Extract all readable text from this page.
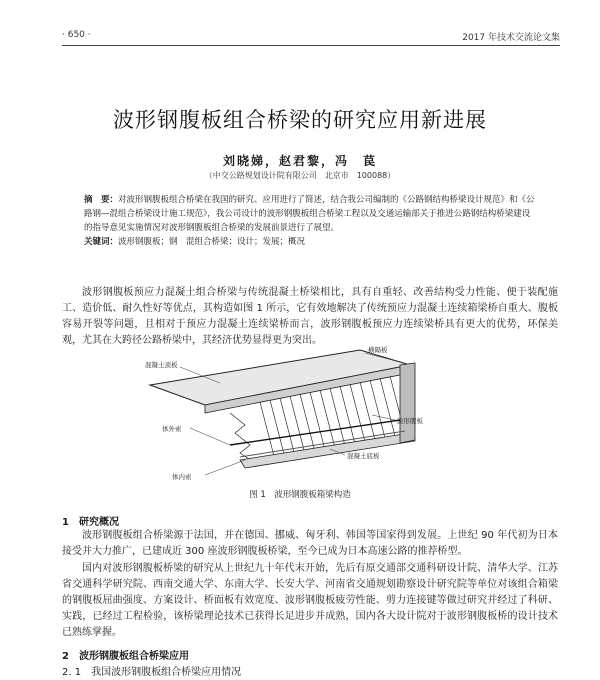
· 650 ·	2017 年技术交流论文集
波形钢腹板组合桥梁的研究应用新进展
刘晓娣，赵君黎，冯　苠
（中交公路规划设计院有限公司　北京市　100088）
摘　要：对波形钢腹板组合桥梁在我国的研究、应用进行了简述，结合我公司编制的《公路钢结构桥梁设计规范》和《公路钢—混组合桥梁设计施工规范》，我公司设计的波形钢腹板组合桥梁工程以及交通运输部关于推进公路钢结构桥梁建设的指导意见实施情况对波形钢腹板组合桥梁的发展前景进行了展望。
关键词：波形钢腹板；钢　混组合桥梁；设计；发展；概况
波形钢腹板预应力混凝土组合桥梁与传统混凝土桥梁相比，具有自重轻、改善结构受力性能、便于装配施工、造价低、耐久性好等优点，其构造如图 1 所示，它有效地解决了传统预应力混凝土连续箱梁桥自重大、腹板容易开裂等问题，且相对于预应力混凝土连续梁桥而言，波形钢腹板预应力连续梁桥具有更大的优势，环保美观，尤其在大跨径公路桥梁中，其经济优势显得更为突出。
横隔板
混凝土顶板
波形腹板
体外索
混凝土底板
体内索
图 1　波形钢腹板箱梁构造
1　研究概况
波形钢腹板组合桥梁源于法国，并在德国、挪威、匈牙利、韩国等国家得到发展。上世纪 90 年代初为日本接受并大力推广，已建成近 300 座波形钢腹板桥梁，至今已成为日本高速公路的推荐桥型。
国内对波形钢腹板桥梁的研究从上世纪九十年代末开始，先后有原交通部交通科研设计院、清华大学、江苏省交通科学研究院、西南交通大学、东南大学、长安大学、河南省交通规划勘察设计研究院等单位对该组合箱梁的钢腹板屈曲强度、方案设计、桥面板有效宽度、波形钢腹板疲劳性能、剪力连接键等做过研究并经过了科研、实践，已经过工程检验，该桥梁理论技术已获得长足进步并成熟，国内各大设计院对于波形钢腹板桥的设计技术已熟练掌握。
2　波形钢腹板组合桥梁应用
2. 1　我国波形钢腹板组合桥梁应用情况
